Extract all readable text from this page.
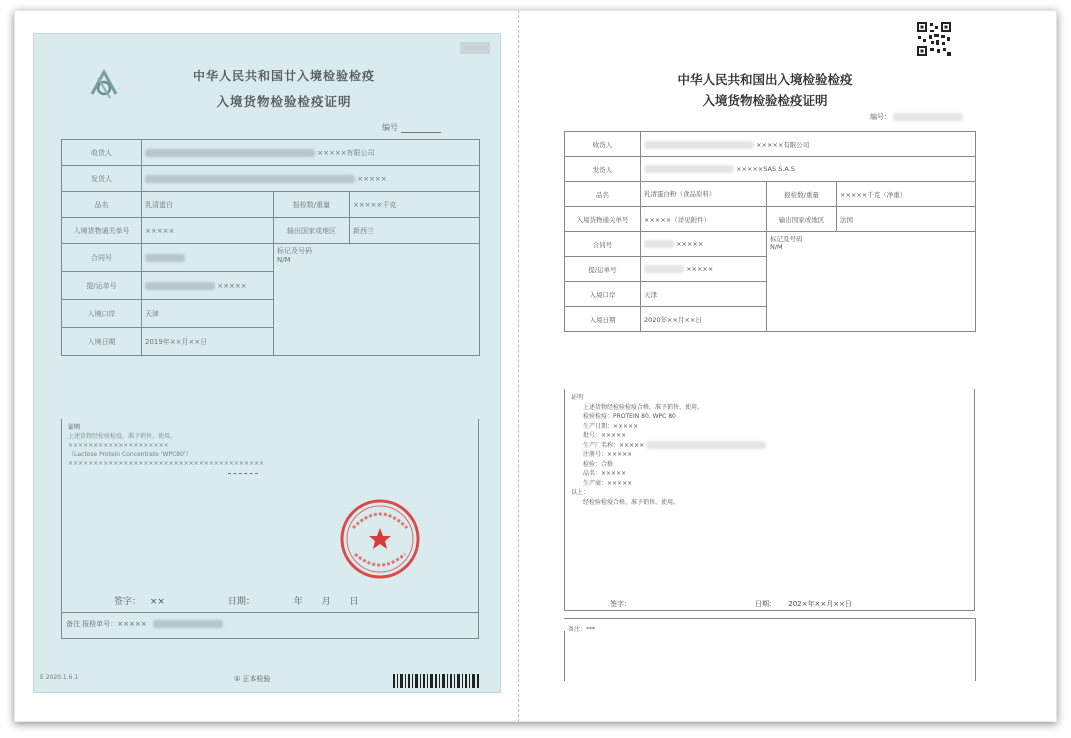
中华人民共和国廿入境检验检疫
入境货物检验检疫证明
编号
收货人	×××××有限公司		
发货人	×××××		
品名	乳清蛋白	报检数/重量	×××××千克
入境货物通关单号	×××××	输出国家或地区	新西兰
合同号		标记及号码
N/M	

提/运单号	×××××		
入境口岸	天津		
入境日期	2019年××月××日		
证明
上述货物经检验检疫，准予销售、使用。
××××××××××××××××××××
（Lactose Protein Concentrate 'WPC80'）
×××××××××××××××××××××××××××××××××××××××
签字： ××	日期：	年 月 日
备注 报检单号：×××××
E 2020.1.6.1	① 正本检验
中华人民共和国出入境检验检疫
入境货物检验检疫证明
编号：
收货人	×××××有限公司		
发货人	×××××SAS S.A.S		
品名	乳清蛋白粉（食品原料）	报检数/重量	×××××千克（净重）
入境货物通关单号	×××××（详见附件）	输出国家或地区	法国
合同号	×××××	标记及号码
N/M	

提/运单号	×××××		
入境口岸	天津		
入境日期	2020年××月××日		
证明
上述货物经检验检疫合格，准予销售、使用。
检验检疫：PROTEIN 80, WPC 80
生产日期：×××××
批号：×××××
生产厂名称：×××××
注册号：×××××
检验：合格
品名：×××××
生产商：×××××
以上：
经检验检疫合格，准予销售、使用。
签字：	日期： 202×年××月××日
备注：***
